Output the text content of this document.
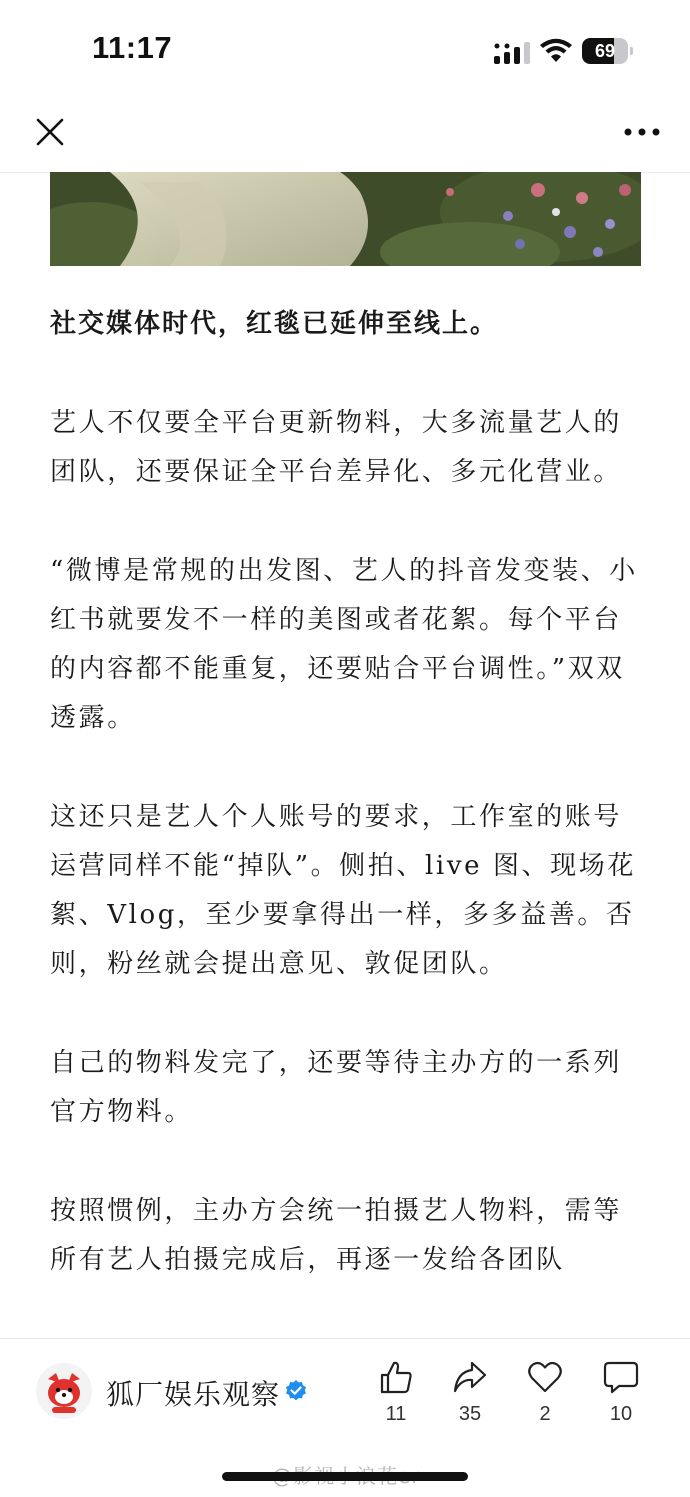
11:17	69

社交媒体时代，红毯已延伸至线上。

艺人不仅要全平台更新物料，大多流量艺人的团队，还要保证全平台差异化、多元化营业。

“微博是常规的出发图、艺人的抖音发变装、小红书就要发不一样的美图或者花絮。每个平台的内容都不能重复，还要贴合平台调性。”双双透露。

这还只是艺人个人账号的要求，工作室的账号运营同样不能“掉队”。侧拍、live 图、现场花絮、Vlog，至少要拿得出一样，多多益善。否则，粉丝就会提出意见、敦促团队。

自己的物料发完了，还要等待主办方的一系列官方物料。

按照惯例，主办方会统一拍摄艺人物料，需等所有艺人拍摄完成后，再逐一发给各团队

狐厂娱乐观察
11	35	2	10
